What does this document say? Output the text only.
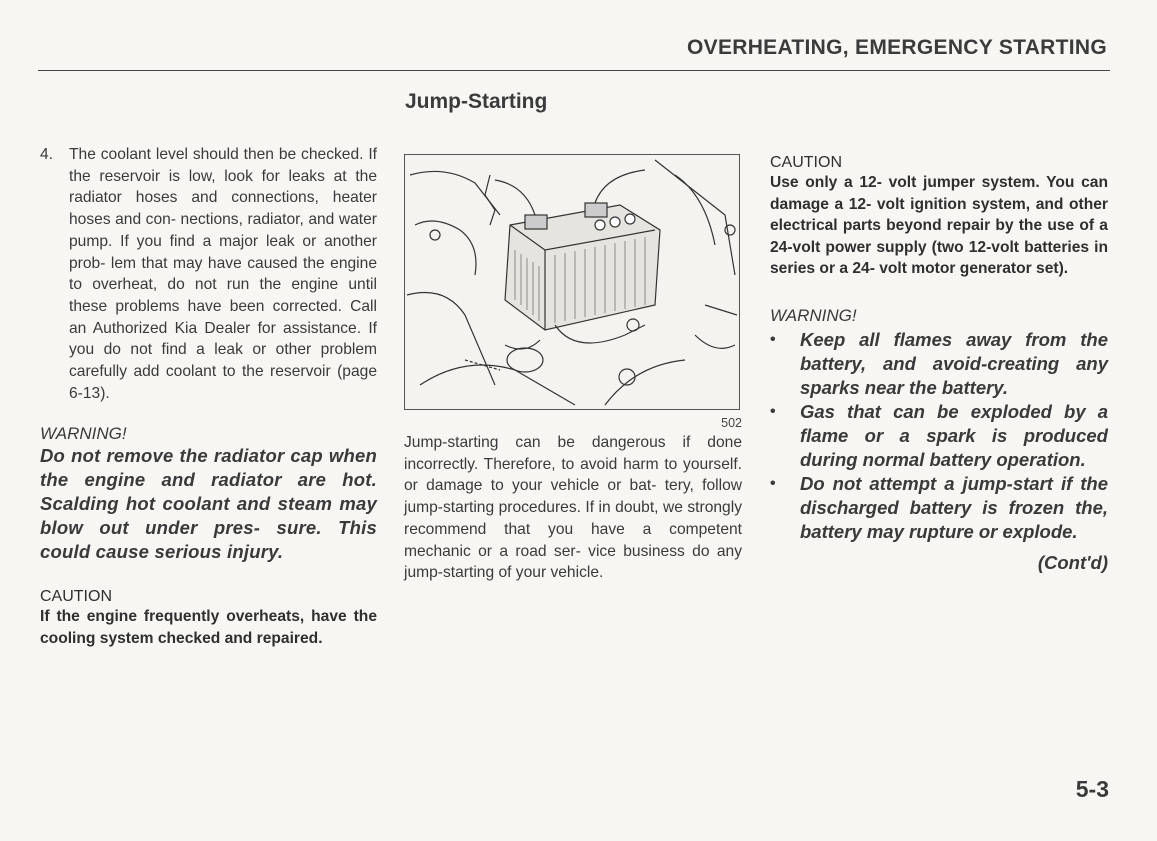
OVERHEATING, EMERGENCY STARTING
Jump-Starting
4.	The coolant level should then be checked. If the reservoir is low, look for leaks at the radiator hoses and connections, heater hoses and con- nections, radiator, and water pump. If you find a major leak or another prob- lem that may have caused the engine to overheat, do not run the engine until these problems have been corrected. Call an Authorized Kia Dealer for assistance. If you do not find a leak or other problem carefully add coolant to the reservoir (page 6-13).
WARNING!
Do not remove the radiator cap when the engine and radiator are hot. Scalding hot coolant and steam may blow out under pres- sure. This could cause serious injury.
CAUTION
If the engine frequently overheats, have the cooling system checked and repaired.
502
Jump-starting can be dangerous if done incorrectly. Therefore, to avoid harm to yourself. or damage to your vehicle or bat- tery, follow jump-starting procedures. If in doubt, we strongly recommend that you have a competent mechanic or a road ser- vice business do any jump-starting of your vehicle.
CAUTION
Use only a 12- volt jumper system. You can damage a 12- volt ignition system, and other electrical parts beyond repair by the use of a 24-volt power supply (two 12-volt batteries in series or a 24- volt motor generator set).
WARNING!
•	Keep all flames away from the battery, and avoid-creating any sparks near the battery.
•	Gas that can be exploded by a flame or a spark is produced during normal battery operation.
•	Do not attempt a jump-start if the discharged battery is frozen the, battery may rupture or explode.
(Cont'd)
5-3
